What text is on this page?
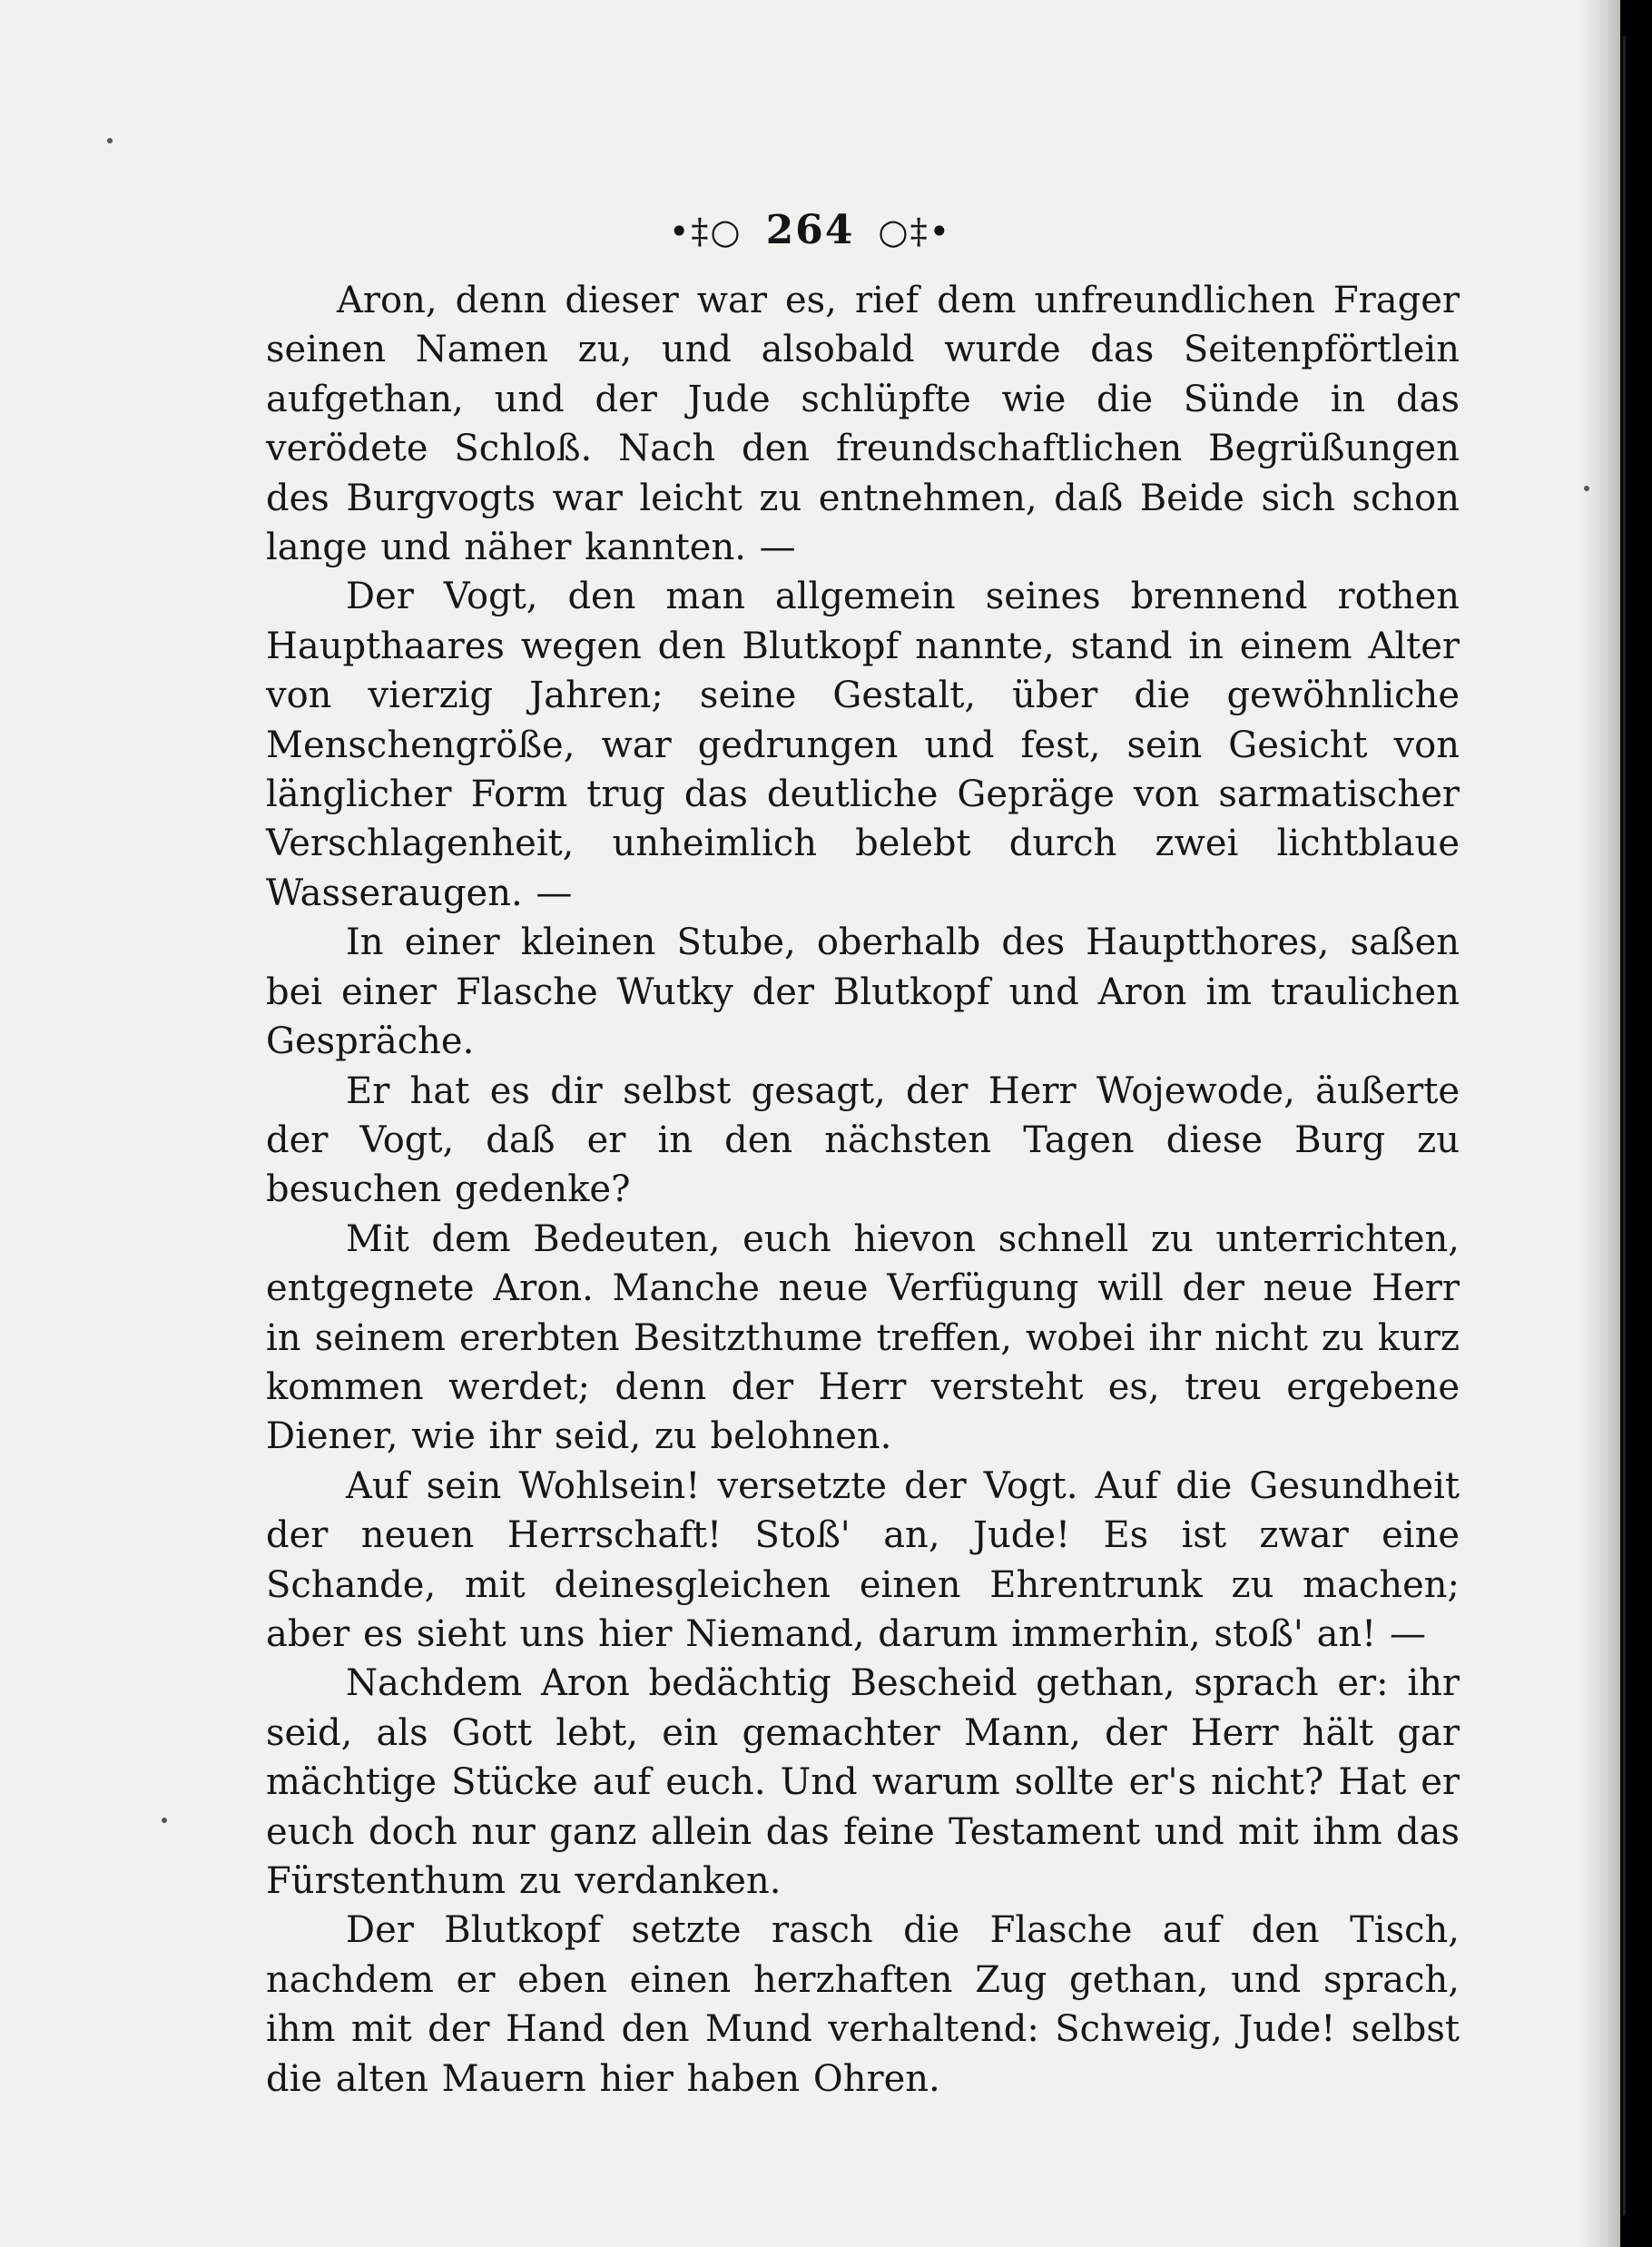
•‡○ 264 ○‡•

Aron, denn dieser war es, rief dem unfreundlichen Frager seinen Namen zu, und alsobald wurde das Seitenpförtlein aufgethan, und der Jude schlüpfte wie die Sünde in das verödete Schloß. Nach den freundschaftlichen Begrüßungen des Burgvogts war leicht zu entnehmen, daß Beide sich schon lange und näher kannten. —

Der Vogt, den man allgemein seines brennend rothen Haupthaares wegen den Blutkopf nannte, stand in einem Alter von vierzig Jahren; seine Gestalt, über die gewöhnliche Menschengröße, war gedrungen und fest, sein Gesicht von länglicher Form trug das deutliche Gepräge von sarmatischer Verschlagenheit, unheimlich belebt durch zwei lichtblaue Wasseraugen. —

In einer kleinen Stube, oberhalb des Hauptthores, saßen bei einer Flasche Wutky der Blutkopf und Aron im traulichen Gespräche.

Er hat es dir selbst gesagt, der Herr Wojewode, äußerte der Vogt, daß er in den nächsten Tagen diese Burg zu besuchen gedenke?

Mit dem Bedeuten, euch hievon schnell zu unterrichten, entgegnete Aron. Manche neue Verfügung will der neue Herr in seinem ererbten Besitzthume treffen, wobei ihr nicht zu kurz kommen werdet; denn der Herr versteht es, treu ergebene Diener, wie ihr seid, zu belohnen.

Auf sein Wohlsein! versetzte der Vogt. Auf die Gesundheit der neuen Herrschaft! Stoß' an, Jude! Es ist zwar eine Schande, mit deinesgleichen einen Ehrentrunk zu machen; aber es sieht uns hier Niemand, darum immerhin, stoß' an! —

Nachdem Aron bedächtig Bescheid gethan, sprach er: ihr seid, als Gott lebt, ein gemachter Mann, der Herr hält gar mächtige Stücke auf euch. Und warum sollte er's nicht? Hat er euch doch nur ganz allein das feine Testament und mit ihm das Fürstenthum zu verdanken.

Der Blutkopf setzte rasch die Flasche auf den Tisch, nachdem er eben einen herzhaften Zug gethan, und sprach, ihm mit der Hand den Mund verhaltend: Schweig, Jude! selbst die alten Mauern hier haben Ohren.
